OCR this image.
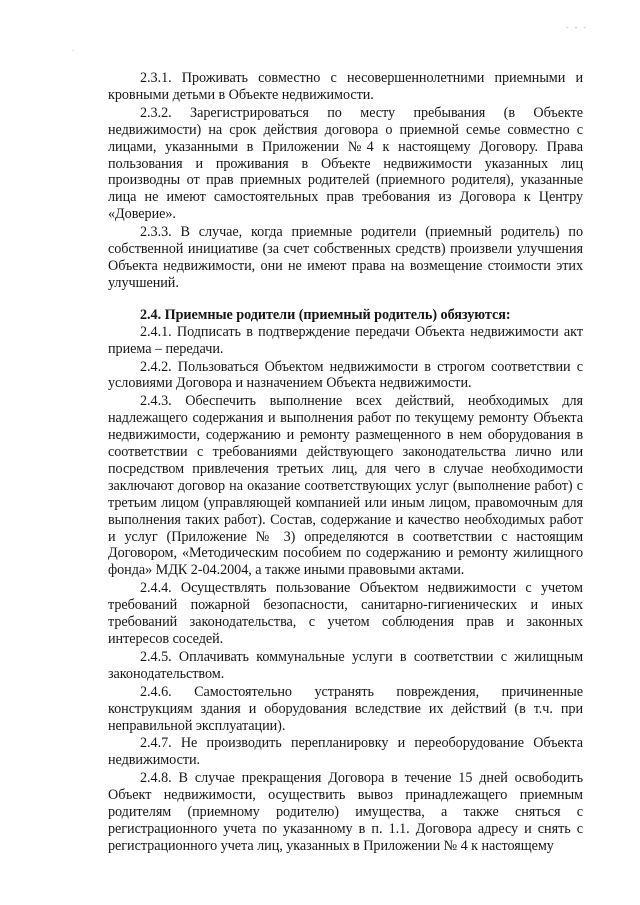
- - -
·

2.3.1. Проживать совместно с несовершеннолетними приемными и кровными детьми в Объекте недвижимости.

2.3.2. Зарегистрироваться по месту пребывания (в Объекте недвижимости) на срок действия договора о приемной семье совместно с лицами, указанными в Приложении №4 к настоящему Договору. Права пользования и проживания в Объекте недвижимости указанных лиц производны от прав приемных родителей (приемного родителя), указанные лица не имеют самостоятельных прав требования из Договора к Центру «Доверие».

2.3.3. В случае, когда приемные родители (приемный родитель) по собственной инициативе (за счет собственных средств) произвели улучшения Объекта недвижимости, они не имеют права на возмещение стоимости этих улучшений.

2.4. Приемные родители (приемный родитель) обязуются:

2.4.1. Подписать в подтверждение передачи Объекта недвижимости акт приема – передачи.

2.4.2. Пользоваться Объектом недвижимости в строгом соответствии с условиями Договора и назначением Объекта недвижимости.

2.4.3. Обеспечить выполнение всех действий, необходимых для надлежащего содержания и выполнения работ по текущему ремонту Объекта недвижимости, содержанию и ремонту размещенного в нем оборудования в соответствии с требованиями действующего законодательства лично или посредством привлечения третьих лиц, для чего в случае необходимости заключают договор на оказание соответствующих услуг (выполнение работ) с третьим лицом (управляющей компанией или иным лицом, правомочным для выполнения таких работ). Состав, содержание и качество необходимых работ и услуг (Приложение № 3) определяются в соответствии с настоящим Договором, «Методическим пособием по содержанию и ремонту жилищного фонда» МДК 2-04.2004, а также иными правовыми актами.

2.4.4. Осуществлять пользование Объектом недвижимости с учетом требований пожарной безопасности, санитарно-гигиенических и иных требований законодательства, с учетом соблюдения прав и законных интересов соседей.

2.4.5. Оплачивать коммунальные услуги в соответствии с жилищным законодательством.

2.4.6. Самостоятельно устранять повреждения, причиненные конструкциям здания и оборудования вследствие их действий (в т.ч. при неправильной эксплуатации).

2.4.7. Не производить перепланировку и переоборудование Объекта недвижимости.

2.4.8. В случае прекращения Договора в течение 15 дней освободить Объект недвижимости, осуществить вывоз принадлежащего приемным родителям (приемному родителю) имущества, а также сняться с регистрационного учета по указанному в п. 1.1. Договора адресу и снять с регистрационного учета лиц, указанных в Приложении № 4 к настоящему
